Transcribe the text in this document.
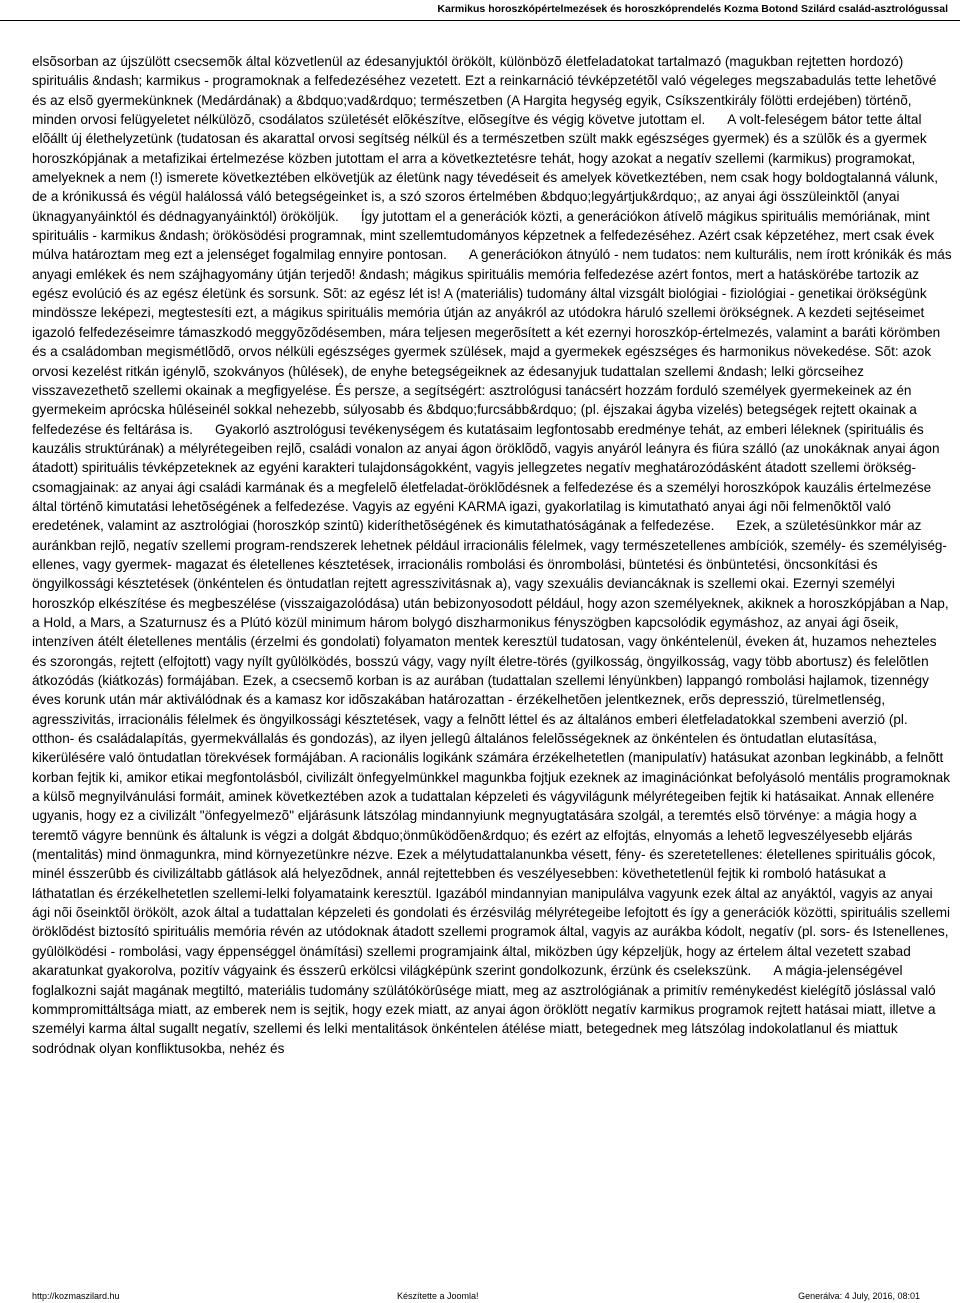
Karmikus horoszkópértelmezések és horoszkóprendelés Kozma Botond Szilárd család-asztrológussal
elsõsorban az újszülött csecsemõk által közvetlenül az édesanyjuktól örökölt, különbözõ életfeladatokat tartalmazó (magukban rejtetten hordozó) spirituális &ndash; karmikus - programoknak a felfedezéséhez vezetett. Ezt a reinkarnáció tévképzetétõl való végeleges megszabadulás tette lehetõvé és az elsõ gyermekünknek (Medárdának) a &bdquo;vad&rdquo; természetben (A Hargita hegység egyik, Csíkszentkirály fölötti erdejében) történõ, minden orvosi felügyeletet nélkülözõ, csodálatos születését elõkészítve, elõsegítve és végig követve jutottam el. A volt-feleségem bátor tette által elõállt új élethelyzetünk (tudatosan és akarattal orvosi segítség nélkül és a természetben szült makk egészséges gyermek) és a szülõk és a gyermek horoszkópjának a metafizikai értelmezése közben jutottam el arra a következtetésre tehát, hogy azokat a negatív szellemi (karmikus) programokat, amelyeknek a nem (!) ismerete következtében elkövetjük az életünk nagy tévedéseit és amelyek következtében, nem csak hogy boldogtalanná válunk, de a krónikussá és végül halálossá váló betegségeinket is, a szó szoros értelmében &bdquo;legyártjuk&rdquo;, az anyai ági összüleinktõl (anyai üknagyanyáinktól és dédnagyanyáinktól) örököljük. Így jutottam el a generációk közti, a generációkon átívelõ mágikus spirituális memóriának, mint spirituális - karmikus &ndash; örökösödési programnak, mint szellemtudományos képzetnek a felfedezéséhez. Azért csak képzetéhez, mert csak évek múlva határoztam meg ezt a jelenséget fogalmilag ennyire pontosan. A generációkon átnyúló - nem tudatos: nem kulturális, nem írott krónikák és más anyagi emlékek és nem szájhagyomány útján terjedõ! &ndash; mágikus spirituális memória felfedezése azért fontos, mert a hatáskörébe tartozik az egész evolúció és az egész életünk és sorsunk. Sõt: az egész lét is! A (materiális) tudomány által vizsgált biológiai - fiziológiai - genetikai örökségünk mindössze leképezi, megtestesíti ezt, a mágikus spirituális memória útján az anyákról az utódokra háruló szellemi örökségnek. A kezdeti sejtéseimet igazoló felfedezéseimre támaszkodó meggyõzõdésemben, mára teljesen megerõsített a két ezernyi horoszkóp-értelmezés, valamint a baráti körömben és a családomban megismétlõdõ, orvos nélküli egészséges gyermek szülések, majd a gyermekek egészséges és harmonikus növekedése. Sõt: azok orvosi kezelést ritkán igénylõ, szokványos (hûlések), de enyhe betegségeiknek az édesanyjuk tudattalan szellemi &ndash; lelki görcseihez visszavezethetõ szellemi okainak a megfigyelése. És persze, a segítségért: asztrológusi tanácsért hozzám forduló személyek gyermekeinek az én gyermekeim aprócska hûléseinél sokkal nehezebb, súlyosabb és &bdquo;furcsább&rdquo; (pl. éjszakai ágyba vizelés) betegségek rejtett okainak a felfedezése és feltárása is. Gyakorló asztrológusi tevékenységem és kutatásaim legfontosabb eredménye tehát, az emberi léleknek (spirituális és kauzális struktúrának) a mélyrétegeiben rejlõ, családi vonalon az anyai ágon öröklõdõ, vagyis anyáról leányra és fiúra szálló (az unokáknak anyai ágon átadott) spirituális tévképzeteknek az egyéni karakteri tulajdonságokként, vagyis jellegzetes negatív meghatározódásként átadott szellemi örökség-csomagjainak: az anyai ági családi karmának és a megfelelõ életfeladat-öröklõdésnek a felfedezése és a személyi horoszkópok kauzális értelmezése által történõ kimutatási lehetõségének a felfedezése. Vagyis az egyéni KARMA igazi, gyakorlatilag is kimutatható anyai ági nõi felmenõktõl való eredetének, valamint az asztrológiai (horoszkóp szintû) kideríthetõségének és kimutathatóságának a felfedezése. Ezek, a születésünkkor már az auránkban rejlõ, negatív szellemi program-rendszerek lehetnek például irracionális félelmek, vagy természetellenes ambíciók, személy- és személyiség-ellenes, vagy gyermek- magazat és életellenes késztetések, irracionális rombolási és önrombolási, büntetési és önbüntetési, öncsonkítási és öngyilkossági késztetések (önkéntelen és öntudatlan rejtett agresszivitásnak a), vagy szexuális deviancáknak is szellemi okai. Ezernyi személyi horoszkóp elkészítése és megbeszélése (visszaigazolódása) után bebizonyosodott például, hogy azon személyeknek, akiknek a horoszkópjában a Nap, a Hold, a Mars, a Szaturnusz és a Plútó közül minimum három bolygó diszharmonikus fényszögben kapcsolódik egymáshoz, az anyai ági õseik, intenzíven átélt életellenes mentális (érzelmi és gondolati) folyamaton mentek keresztül tudatosan, vagy önkéntelenül, éveken át, huzamos nehezteles és szorongás, rejtett (elfojtott) vagy nyílt gyûlölködés, bosszú vágy, vagy nyílt életre-törés (gyilkosság, öngyilkosság, vagy több abortusz) és felelõtlen átkozódás (kiátkozás) formájában. Ezek, a csecsemõ korban is az aurában (tudattalan szellemi lényünkben) lappangó rombolási hajlamok, tizennégy éves korunk után már aktiválódnak és a kamasz kor idõszakában határozattan - érzékelhetõen jelentkeznek, erõs depresszió, türelmetlenség, agresszivitás, irracionális félelmek és öngyilkossági késztetések, vagy a felnõtt léttel és az általános emberi életfeladatokkal szembeni averzió (pl. otthon- és családalapítás, gyermekvállalás és gondozás), az ilyen jellegû általános felelõsségeknek az önkéntelen és öntudatlan elutasítása, kikerülésére való öntudatlan törekvések formájában. A racionális logikánk számára érzékelhetetlen (manipulatív) hatásukat azonban legkinább, a felnõtt korban fejtik ki, amikor etikai megfontolásból, civilizált önfegyelmünkkel magunkba fojtjuk ezeknek az imaginációnkat befolyásoló mentális programoknak a külsõ megnyilvánulási formáit, aminek következtében azok a tudattalan képzeleti és vágyvilágunk mélyrétegeiben fejtik ki hatásaikat. Annak ellenére ugyanis, hogy ez a civilizált "önfegyelmezõ" eljárásunk látszólag mindannyiunk megnyugtatására szolgál, a teremtés elsõ törvénye: a mágia hogy a teremtõ vágyre bennünk és általunk is végzi a dolgát &bdquo;önmûködõen&rdquo; és ezért az elfojtás, elnyomás a lehetõ legveszélyesebb eljárás (mentalitás) mind önmagunkra, mind környezetünkre nézve. Ezek a mélytudattalanunkba vésett, fény- és szeretetellenes: életellenes spirituális gócok, minél ésszerûbb és civilizáltabb gátlások alá helyezõdnek, annál rejtettebben és veszélyesebben: követhetetlenül fejtik ki romboló hatásukat a láthatatlan és érzékelhetetlen szellemi-lelki folyamataink keresztül. Igazából mindannyian manipulálva vagyunk ezek által az anyáktól, vagyis az anyai ági nõi õseinktõl örökölt, azok által a tudattalan képzeleti és gondolati és érzésvilág mélyrétegeibe lefojtott és így a generációk közötti, spirituális szellemi öröklõdést biztosító spirituális memória révén az utódoknak átadott szellemi programok által, vagyis az aurákba kódolt, negatív (pl. sors- és Istenellenes, gyûlölködési - rombolási, vagy éppenséggel önámítási) szellemi programjaink által, miközben úgy képzeljük, hogy az értelem által vezetett szabad akaratunkat gyakorolva, pozitív vágyaink és ésszerû erkölcsi világképünk szerint gondolkozunk, érzünk és cselekszünk. A mágia-jelenségével foglalkozni saját magának megtiltó, materiális tudomány szülátókörûsége miatt, meg az asztrológiának a primitív reménykedést kielégítõ jóslással való kommpromittáltsága miatt, az emberek nem is sejtik, hogy ezek miatt, az anyai ágon öröklött negatív karmikus programok rejtett hatásai miatt, illetve a személyi karma által sugallt negatív, szellemi és lelki mentalitások önkéntelen átélése miatt, betegednek meg látszólag indokolatlanul és miattuk sodródnak olyan konfliktusokba, nehéz és
http://kozmaszilard.hu	Készítette a Joomla!	Generálva: 4 July, 2016, 08:01
